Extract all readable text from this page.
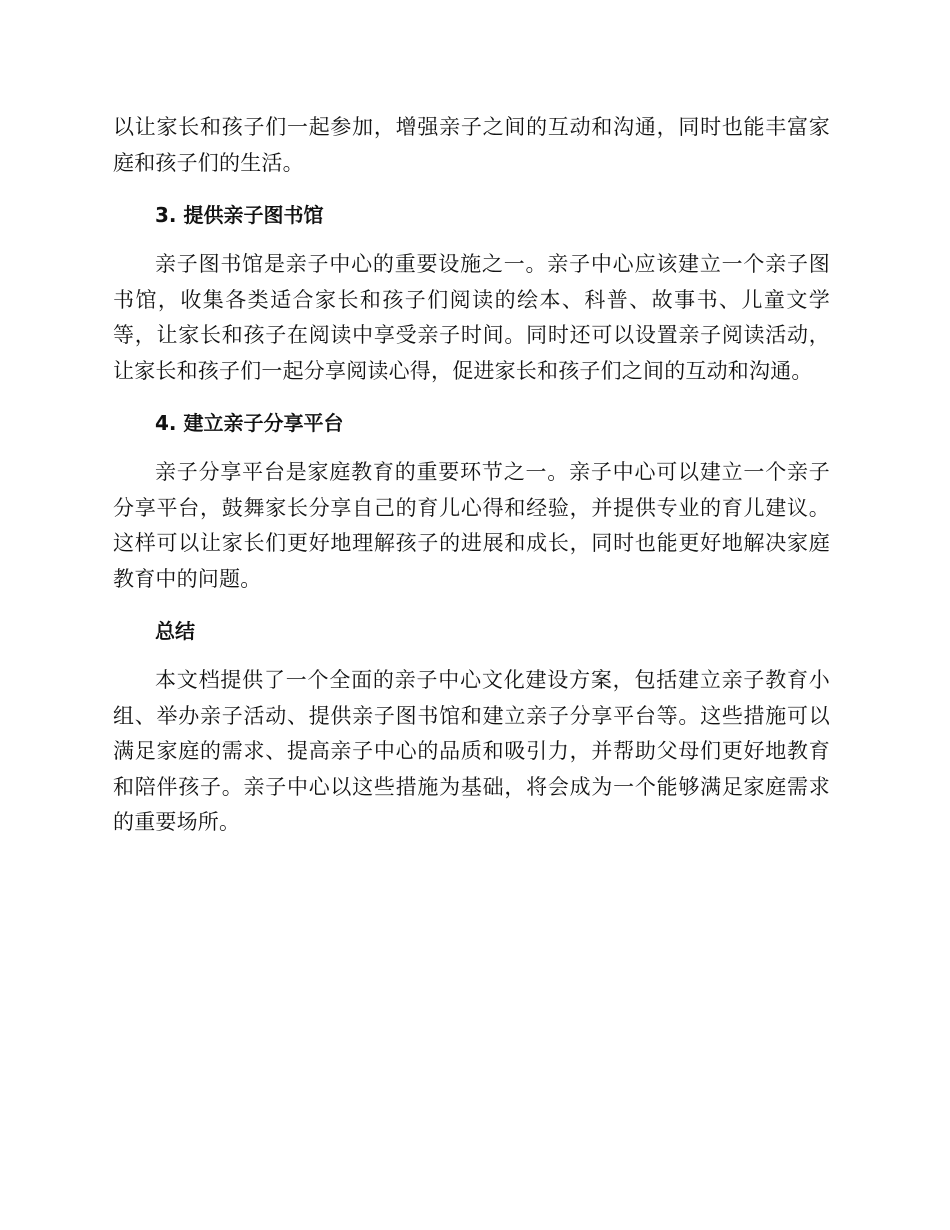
以让家长和孩子们一起参加，增强亲子之间的互动和沟通，同时也能丰富家庭和孩子们的生活。

3. 提供亲子图书馆

亲子图书馆是亲子中心的重要设施之一。亲子中心应该建立一个亲子图书馆，收集各类适合家长和孩子们阅读的绘本、科普、故事书、儿童文学等，让家长和孩子在阅读中享受亲子时间。同时还可以设置亲子阅读活动，让家长和孩子们一起分享阅读心得，促进家长和孩子们之间的互动和沟通。

4. 建立亲子分享平台

亲子分享平台是家庭教育的重要环节之一。亲子中心可以建立一个亲子分享平台，鼓舞家长分享自己的育儿心得和经验，并提供专业的育儿建议。这样可以让家长们更好地理解孩子的进展和成长，同时也能更好地解决家庭教育中的问题。

总结

本文档提供了一个全面的亲子中心文化建设方案，包括建立亲子教育小组、举办亲子活动、提供亲子图书馆和建立亲子分享平台等。这些措施可以满足家庭的需求、提高亲子中心的品质和吸引力，并帮助父母们更好地教育和陪伴孩子。亲子中心以这些措施为基础，将会成为一个能够满足家庭需求的重要场所。
